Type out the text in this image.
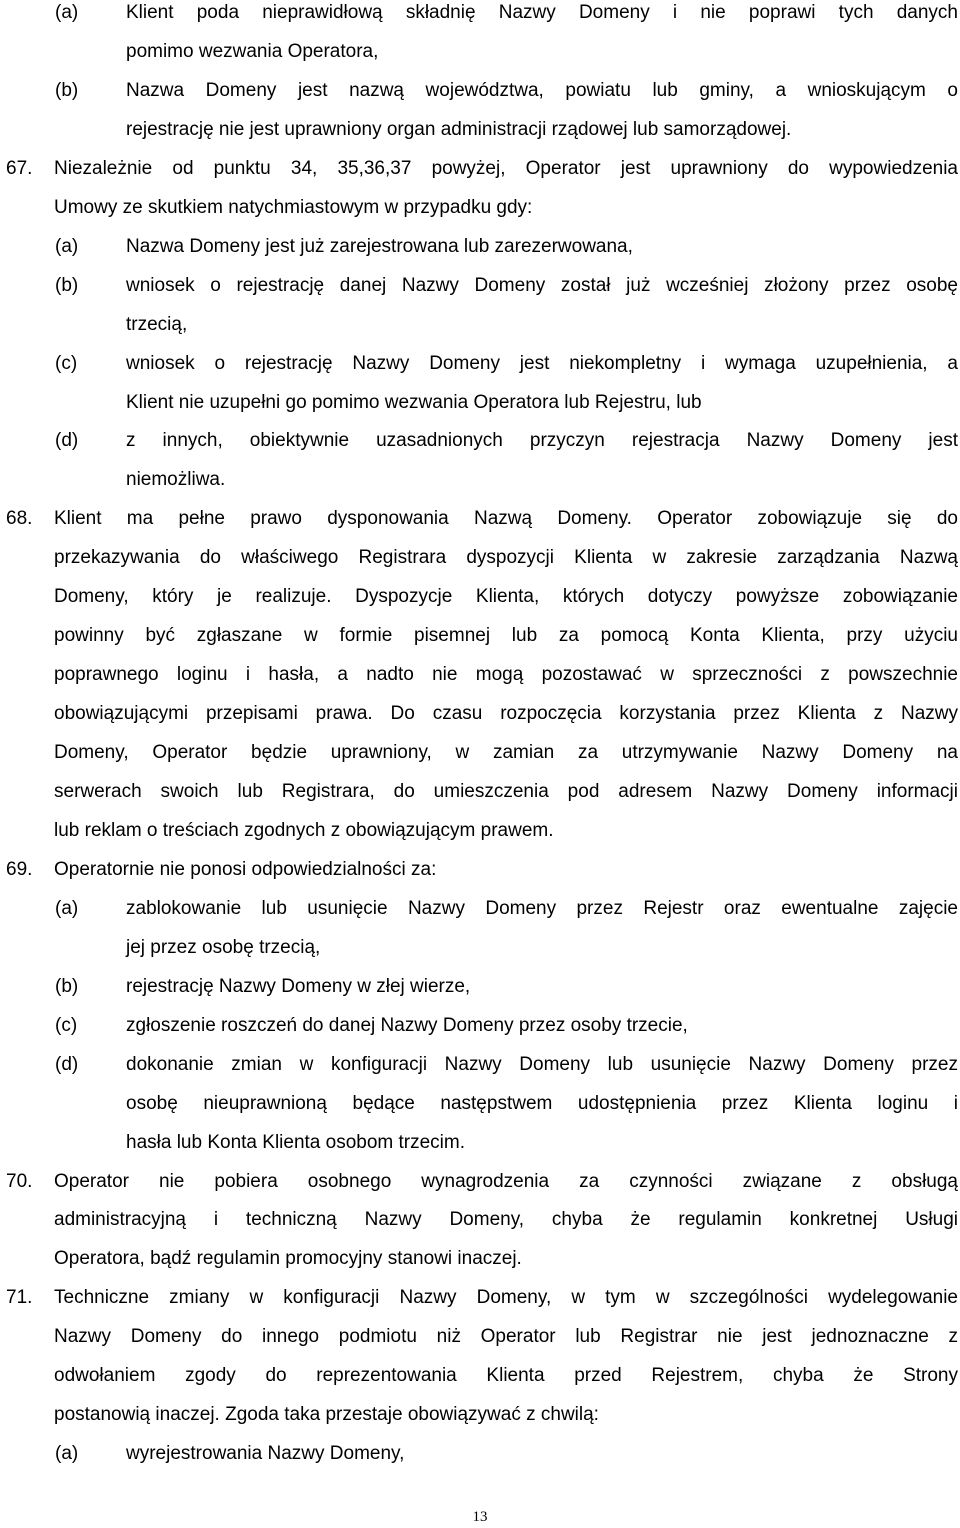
(a)	Klient poda nieprawidłową składnię Nazwy Domeny i nie poprawi tych danych
pomimo wezwania Operatora,
(b)	Nazwa Domeny jest nazwą województwa, powiatu lub gminy, a wnioskującym o
rejestrację nie jest uprawniony organ administracji rządowej lub samorządowej.
67.	Niezależnie od punktu 34, 35,36,37 powyżej, Operator jest uprawniony do wypowiedzenia
Umowy ze skutkiem natychmiastowym w przypadku gdy:
(a)	Nazwa Domeny jest już zarejestrowana lub zarezerwowana,
(b)	wniosek o rejestrację danej Nazwy Domeny został już wcześniej złożony przez osobę
trzecią,
(c)	wniosek o rejestrację Nazwy Domeny jest niekompletny i wymaga uzupełnienia, a
Klient nie uzupełni go pomimo wezwania Operatora lub Rejestru, lub
(d)	z innych, obiektywnie uzasadnionych przyczyn rejestracja Nazwy Domeny jest
niemożliwa.
68.	Klient ma pełne prawo dysponowania Nazwą Domeny. Operator zobowiązuje się do
przekazywania do właściwego Registrara dyspozycji Klienta w zakresie zarządzania Nazwą
Domeny, który je realizuje. Dyspozycje Klienta, których dotyczy powyższe zobowiązanie
powinny być zgłaszane w formie pisemnej lub za pomocą Konta Klienta, przy użyciu
poprawnego loginu i hasła, a nadto nie mogą pozostawać w sprzeczności z powszechnie
obowiązującymi przepisami prawa. Do czasu rozpoczęcia korzystania przez Klienta z Nazwy
Domeny, Operator będzie uprawniony, w zamian za utrzymywanie Nazwy Domeny na
serwerach swoich lub Registrara, do umieszczenia pod adresem Nazwy Domeny informacji
lub reklam o treściach zgodnych z obowiązującym prawem.
69.	Operatornie nie ponosi odpowiedzialności za:
(a)	zablokowanie lub usunięcie Nazwy Domeny przez Rejestr oraz ewentualne zajęcie
jej przez osobę trzecią,
(b)	rejestrację Nazwy Domeny w złej wierze,
(c)	zgłoszenie roszczeń do danej Nazwy Domeny przez osoby trzecie,
(d)	dokonanie zmian w konfiguracji Nazwy Domeny lub usunięcie Nazwy Domeny przez
osobę nieuprawnioną będące następstwem udostępnienia przez Klienta loginu i
hasła lub Konta Klienta osobom trzecim.
70.	Operator nie pobiera osobnego wynagrodzenia za czynności związane z obsługą
administracyjną i techniczną Nazwy Domeny, chyba że regulamin konkretnej Usługi
Operatora, bądź regulamin promocyjny stanowi inaczej.
71.	Techniczne zmiany w konfiguracji Nazwy Domeny, w tym w szczególności wydelegowanie
Nazwy Domeny do innego podmiotu niż Operator lub Registrar nie jest jednoznaczne z
odwołaniem zgody do reprezentowania Klienta przed Rejestrem, chyba że Strony
postanowią inaczej. Zgoda taka przestaje obowiązywać z chwilą:
(a)	wyrejestrowania Nazwy Domeny,
13
